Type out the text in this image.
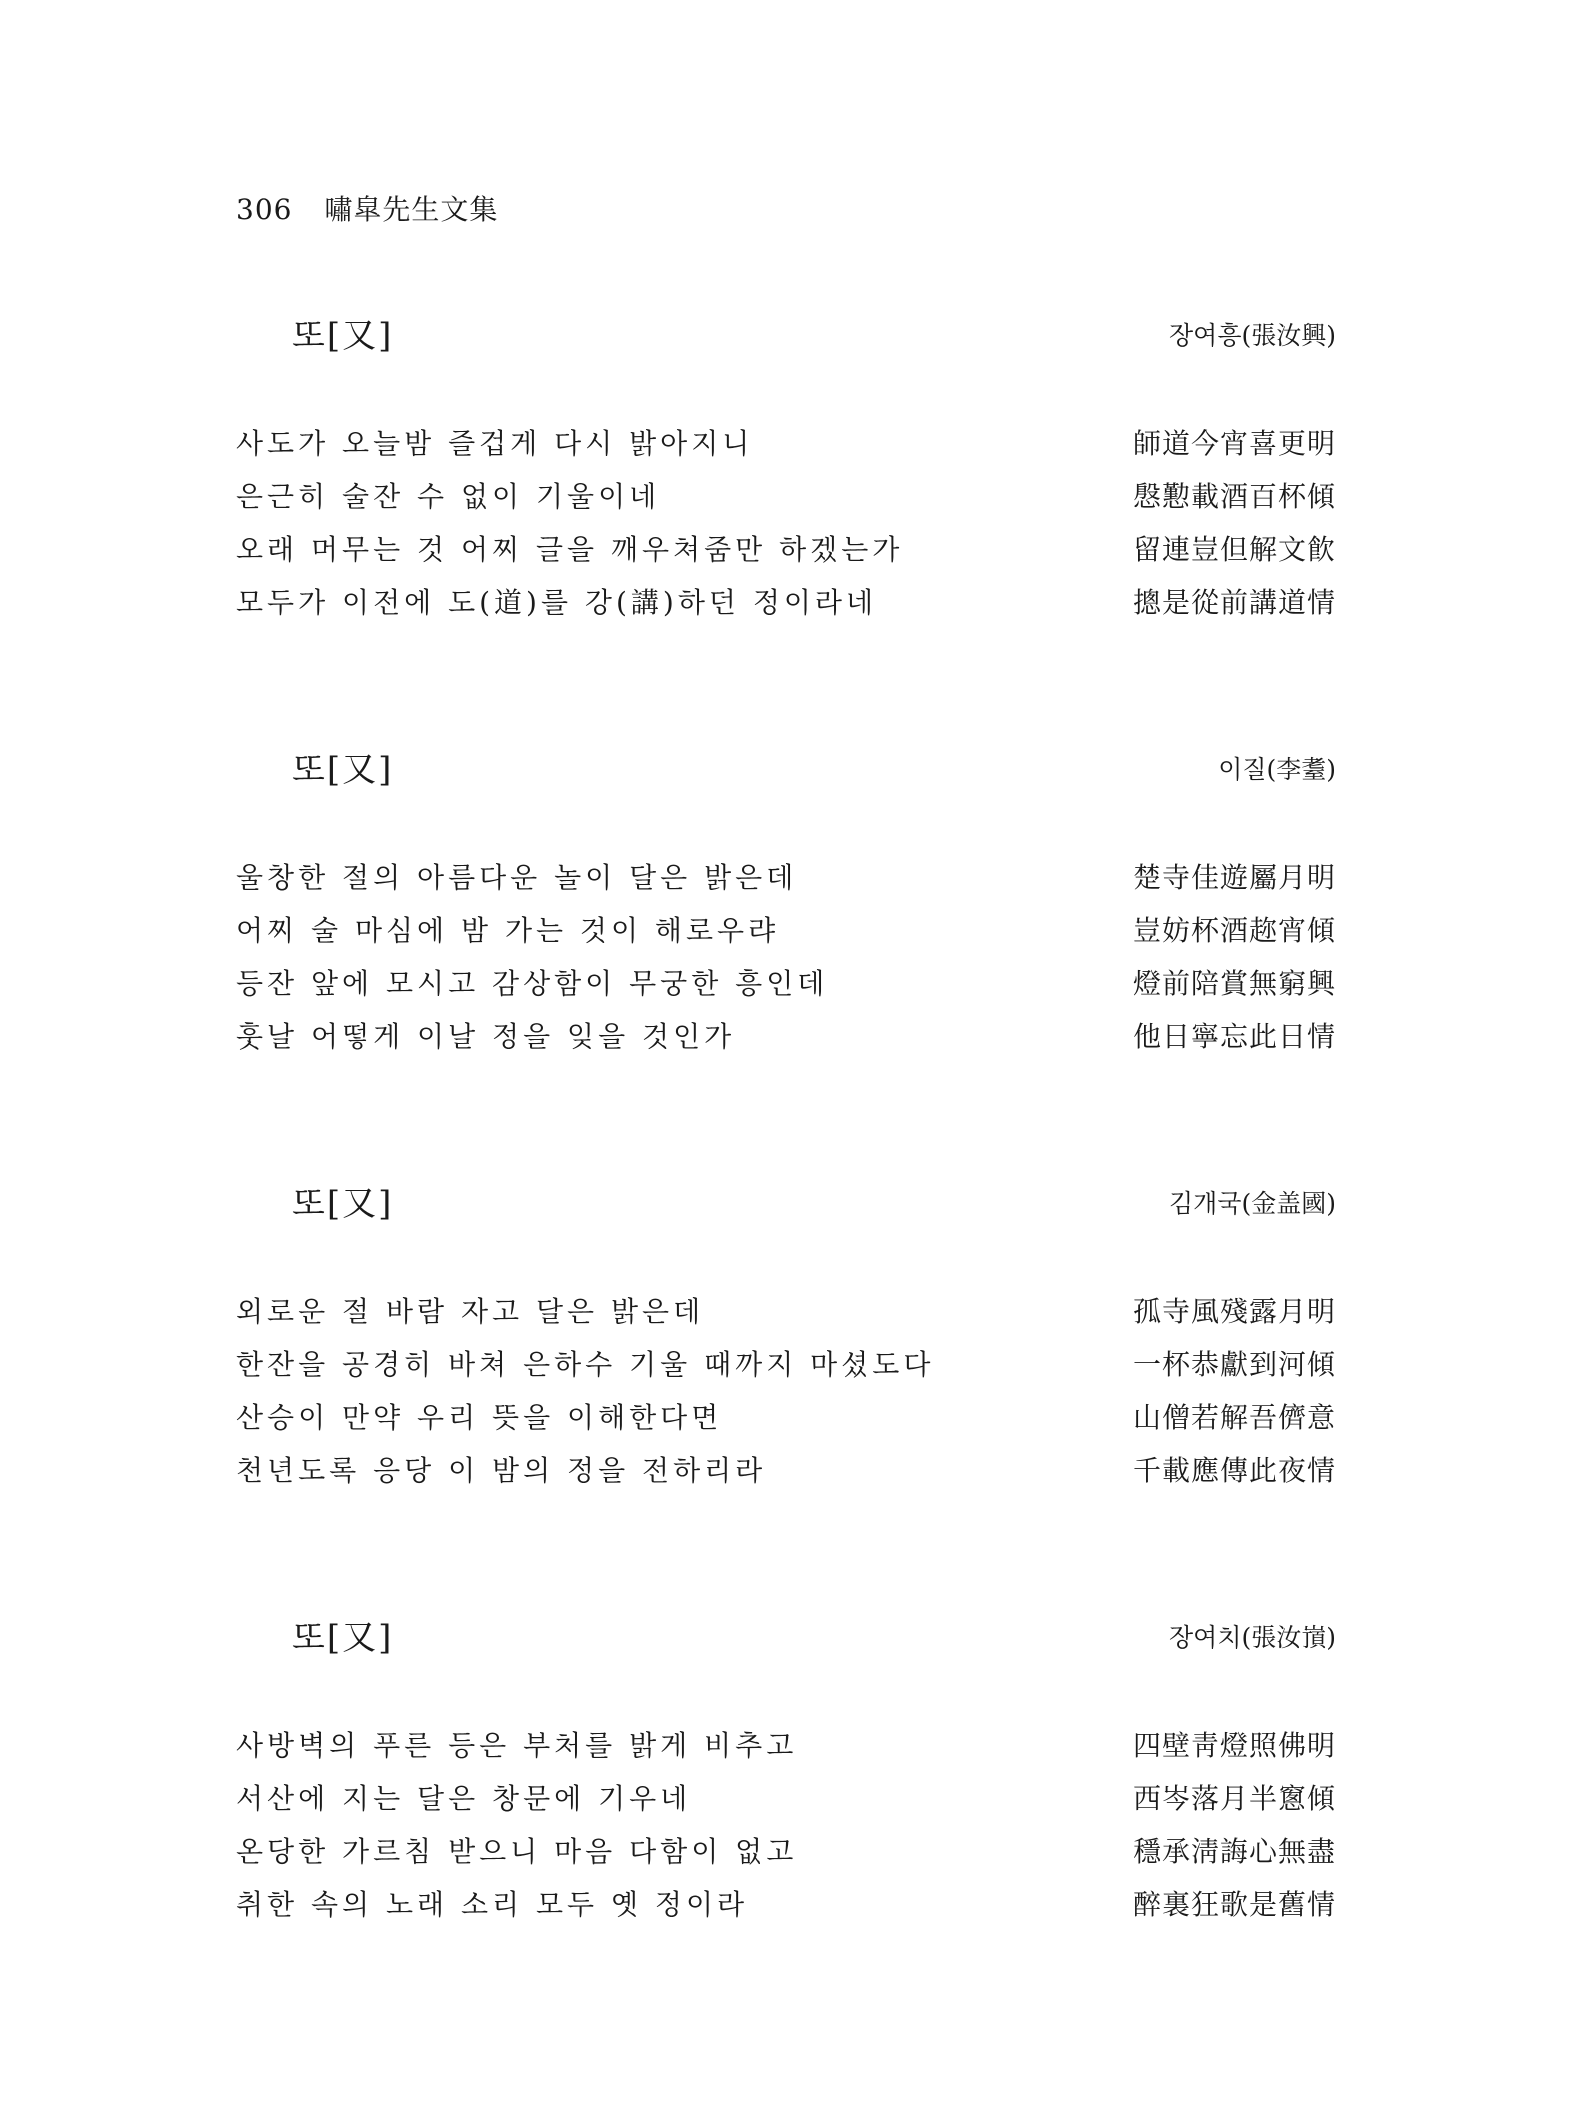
306 嘯皐先生文集
또[又]	장여흥(張汝興)
사도가 오늘밤 즐겁게 다시 밝아지니	師道今宵喜更明
은근히 술잔 수 없이 기울이네	慇懃載酒百杯傾
오래 머무는 것 어찌 글을 깨우쳐줌만 하겠는가	留連豈但解文飮
모두가 이전에 도(道)를 강(講)하던 정이라네	摠是從前講道情
또[又]	이질(李耋)
울창한 절의 아름다운 놀이 달은 밝은데	楚寺佳遊屬月明
어찌 술 마심에 밤 가는 것이 해로우랴	豈妨杯酒趂宵傾
등잔 앞에 모시고 감상함이 무궁한 흥인데	燈前陪賞無窮興
훗날 어떻게 이날 정을 잊을 것인가	他日寧忘此日情
또[又]	김개국(金盖國)
외로운 절 바람 자고 달은 밝은데	孤寺風殘露月明
한잔을 공경히 바쳐 은하수 기울 때까지 마셨도다	一杯恭獻到河傾
산승이 만약 우리 뜻을 이해한다면	山僧若解吾儕意
천년도록 응당 이 밤의 정을 전하리라	千載應傳此夜情
또[又]	장여치(張汝嵿)
사방벽의 푸른 등은 부처를 밝게 비추고	四壁靑燈照佛明
서산에 지는 달은 창문에 기우네	西岑落月半窻傾
온당한 가르침 받으니 마음 다함이 없고	穩承淸誨心無盡
취한 속의 노래 소리 모두 옛 정이라	醉裏狂歌是舊情
